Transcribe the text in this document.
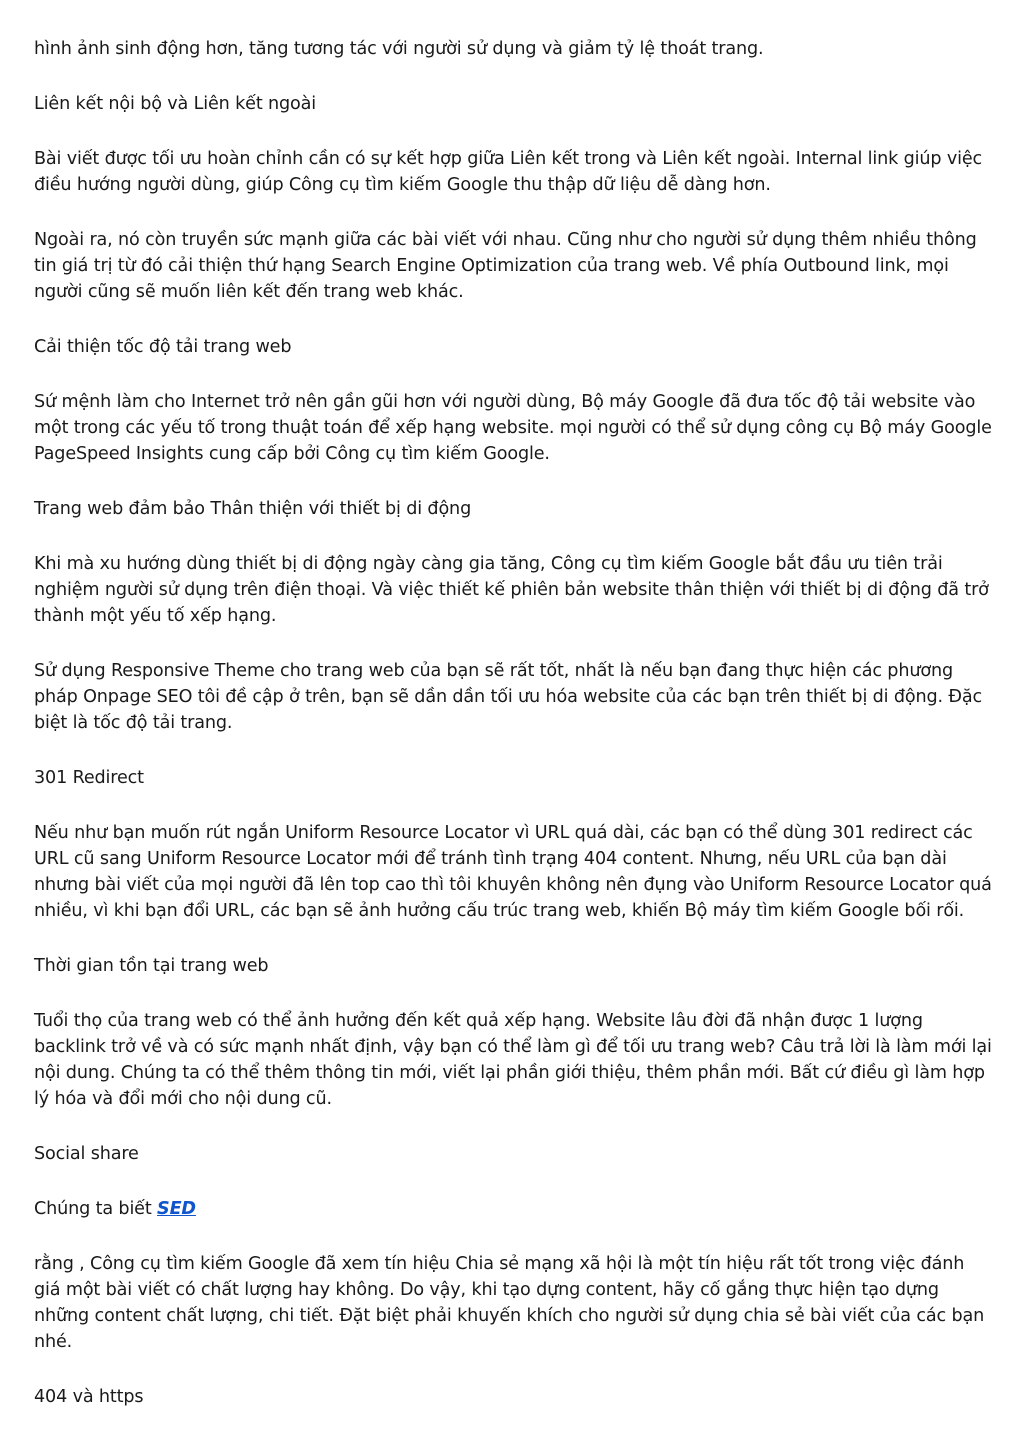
hình ảnh sinh động hơn, tăng tương tác với người sử dụng và giảm tỷ lệ thoát trang.

Liên kết nội bộ và Liên kết ngoài

Bài viết được tối ưu hoàn chỉnh cần có sự kết hợp giữa Liên kết trong và Liên kết ngoài. Internal link giúp việc điều hướng người dùng, giúp Công cụ tìm kiếm Google thu thập dữ liệu dễ dàng hơn.

Ngoài ra, nó còn truyền sức mạnh giữa các bài viết với nhau. Cũng như cho người sử dụng thêm nhiều thông tin giá trị từ đó cải thiện thứ hạng Search Engine Optimization của trang web. Về phía Outbound link, mọi người cũng sẽ muốn liên kết đến trang web khác.

Cải thiện tốc độ tải trang web

Sứ mệnh làm cho Internet trở nên gần gũi hơn với người dùng, Bộ máy Google đã đưa tốc độ tải website vào một trong các yếu tố trong thuật toán để xếp hạng website. mọi người có thể sử dụng công cụ Bộ máy Google PageSpeed Insights cung cấp bởi Công cụ tìm kiếm Google.

Trang web đảm bảo Thân thiện với thiết bị di động

Khi mà xu hướng dùng thiết bị di động ngày càng gia tăng, Công cụ tìm kiếm Google bắt đầu ưu tiên trải nghiệm người sử dụng trên điện thoại. Và việc thiết kế phiên bản website thân thiện với thiết bị di động đã trở thành một yếu tố xếp hạng.

Sử dụng Responsive Theme cho trang web của bạn sẽ rất tốt, nhất là nếu bạn đang thực hiện các phương pháp Onpage SEO tôi đề cập ở trên, bạn sẽ dần dần tối ưu hóa website của các bạn trên thiết bị di động. Đặc biệt là tốc độ tải trang.

301 Redirect

Nếu như bạn muốn rút ngắn Uniform Resource Locator vì URL quá dài, các bạn có thể dùng 301 redirect các URL cũ sang Uniform Resource Locator mới để tránh tình trạng 404 content. Nhưng, nếu URL của bạn dài nhưng bài viết của mọi người đã lên top cao thì tôi khuyên không nên đụng vào Uniform Resource Locator quá nhiều, vì khi bạn đổi URL, các bạn sẽ ảnh hưởng cấu trúc trang web, khiến Bộ máy tìm kiếm Google bối rối.

Thời gian tồn tại trang web

Tuổi thọ của trang web có thể ảnh hưởng đến kết quả xếp hạng. Website lâu đời đã nhận được 1 lượng backlink trở về và có sức mạnh nhất định, vậy bạn có thể làm gì để tối ưu trang web? Câu trả lời là làm mới lại nội dung. Chúng ta có thể thêm thông tin mới, viết lại phần giới thiệu, thêm phần mới. Bất cứ điều gì làm hợp lý hóa và đổi mới cho nội dung cũ.

Social share

Chúng ta biết SED

rằng , Công cụ tìm kiếm Google đã xem tín hiệu Chia sẻ mạng xã hội là một tín hiệu rất tốt trong việc đánh giá một bài viết có chất lượng hay không. Do vậy, khi tạo dựng content, hãy cố gắng thực hiện tạo dựng những content chất lượng, chi tiết. Đặt biệt phải khuyến khích cho người sử dụng chia sẻ bài viết của các bạn nhé.

404 và https
